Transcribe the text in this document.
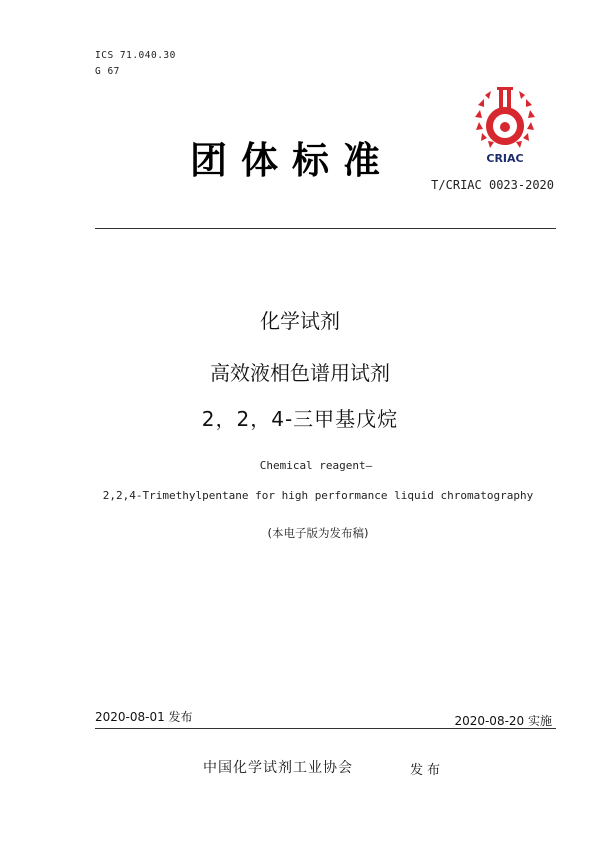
ICS 71.040.30
G 67
团体标准	CRIAC
T/CRIAC 0023-2020
化学试剂
高效液相色谱用试剂
2，2，4-三甲基戊烷
Chemical reagent—
2,2,4-Trimethylpentane for high performance liquid chromatography
(本电子版为发布稿)
2020-08-01 发布	2020-08-20 实施
中国化学试剂工业协会	发布
